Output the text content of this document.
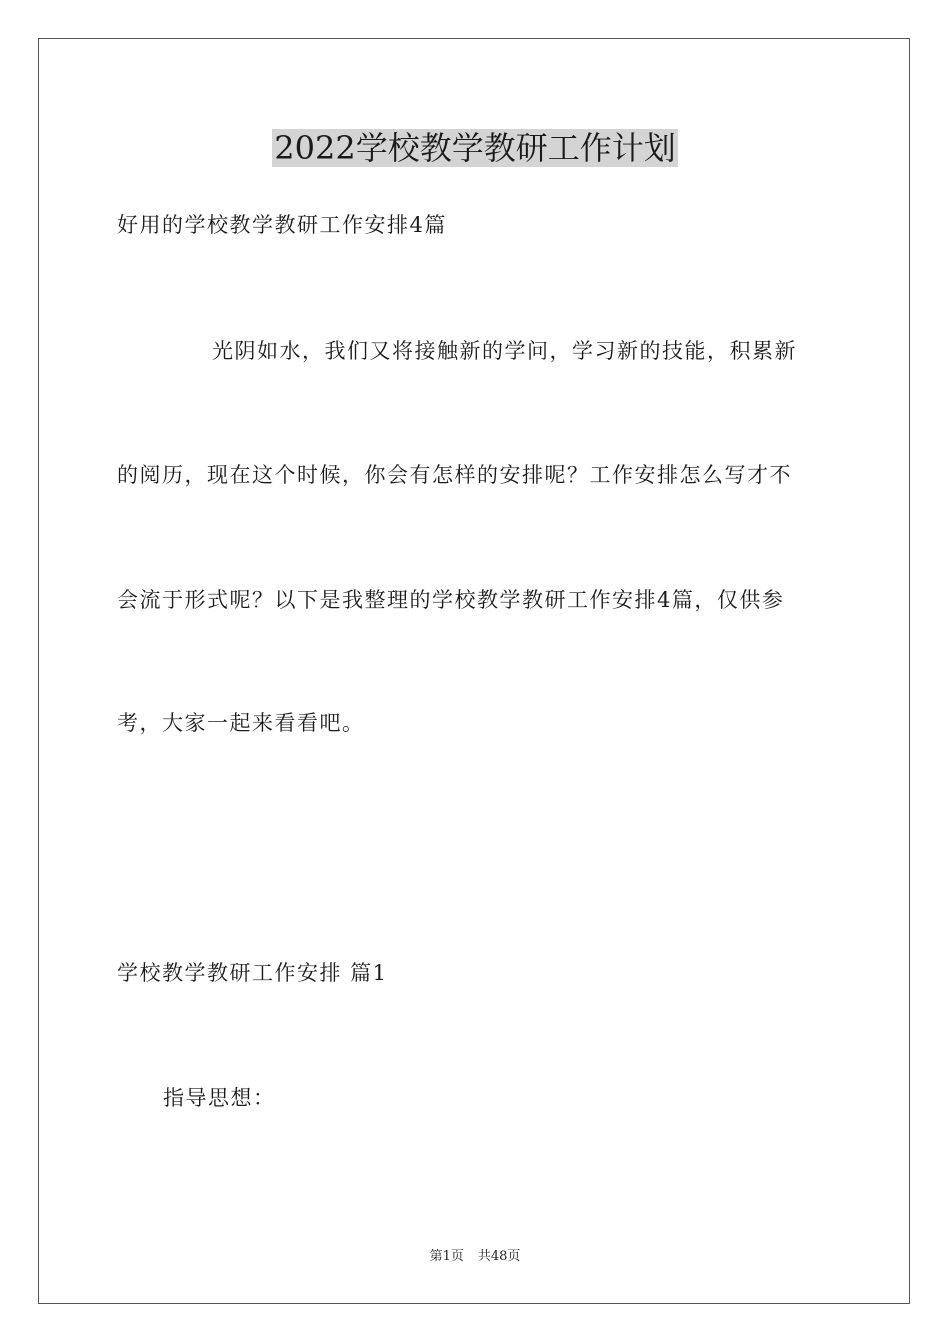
2022学校教学教研工作计划
好用的学校教学教研工作安排4篇
光阴如水，我们又将接触新的学问，学习新的技能，积累新
的阅历，现在这个时候，你会有怎样的安排呢？工作安排怎么写才不
会流于形式呢？以下是我整理的学校教学教研工作安排4篇，仅供参
考，大家一起来看看吧。
学校教学教研工作安排 篇1
指导思想：
第1页 共48页
